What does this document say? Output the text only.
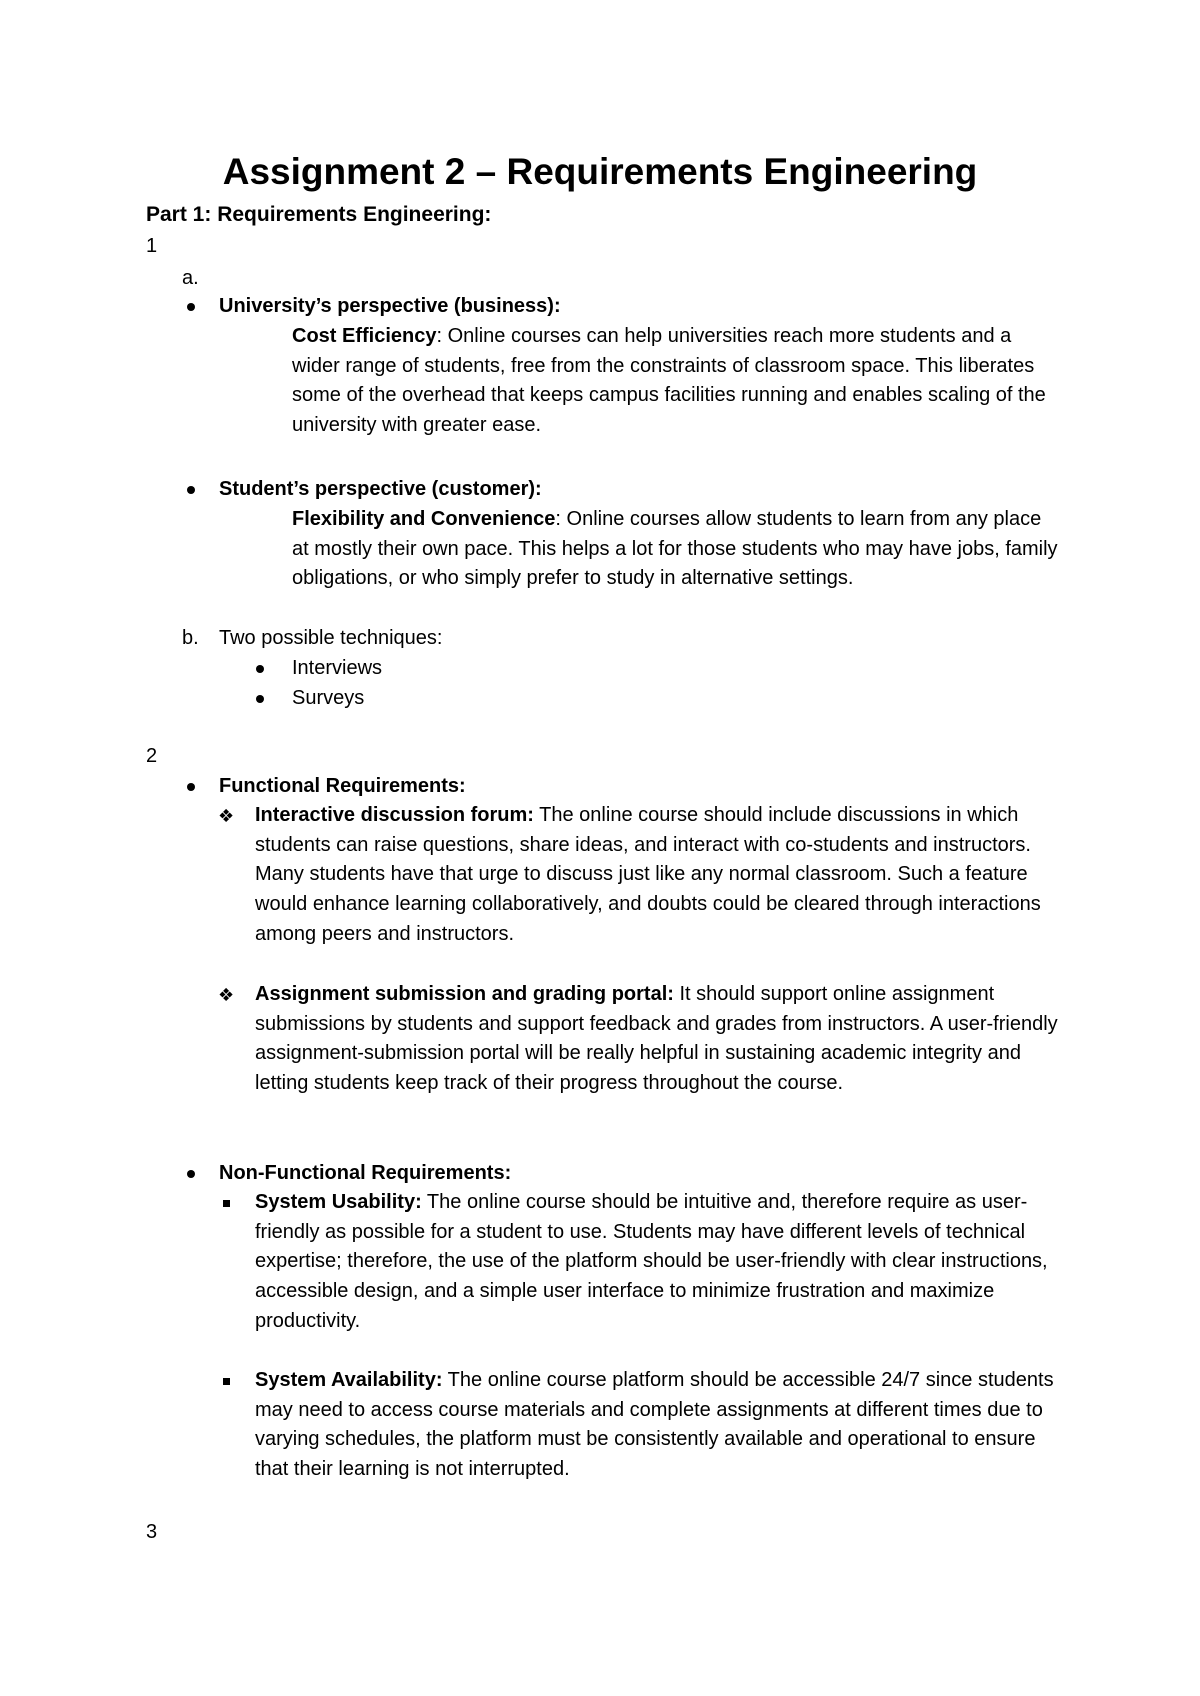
Assignment 2 – Requirements Engineering
Part 1: Requirements Engineering:
1
a.
University’s perspective (business):
Cost Efficiency: Online courses can help universities reach more students and a wider range of students, free from the constraints of classroom space. This liberates some of the overhead that keeps campus facilities running and enables scaling of the university with greater ease.
Student’s perspective (customer):
Flexibility and Convenience: Online courses allow students to learn from any place at mostly their own pace. This helps a lot for those students who may have jobs, family obligations, or who simply prefer to study in alternative settings.
b. Two possible techniques:
Interviews
Surveys
2
Functional Requirements:
❖ Interactive discussion forum: The online course should include discussions in which students can raise questions, share ideas, and interact with co-students and instructors. Many students have that urge to discuss just like any normal classroom. Such a feature would enhance learning collaboratively, and doubts could be cleared through interactions among peers and instructors.
❖ Assignment submission and grading portal: It should support online assignment submissions by students and support feedback and grades from instructors. A user-friendly assignment-submission portal will be really helpful in sustaining academic integrity and letting students keep track of their progress throughout the course.
Non-Functional Requirements:
System Usability: The online course should be intuitive and, therefore require as user-friendly as possible for a student to use. Students may have different levels of technical expertise; therefore, the use of the platform should be user-friendly with clear instructions, accessible design, and a simple user interface to minimize frustration and maximize productivity.
System Availability: The online course platform should be accessible 24/7 since students may need to access course materials and complete assignments at different times due to varying schedules, the platform must be consistently available and operational to ensure that their learning is not interrupted.
3
